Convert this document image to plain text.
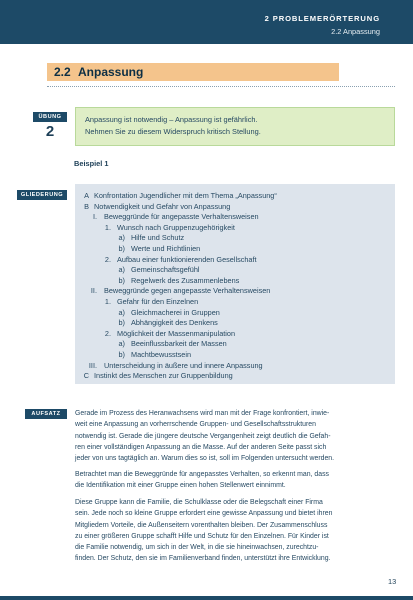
2 PROBLEMERÖRTERUNG
2.2 Anpassung
2.2 Anpassung
ÜBUNG
2

Anpassung ist notwendig – Anpassung ist gefährlich.
Nehmen Sie zu diesem Widerspruch kritisch Stellung.

Beispiel 1
GLIEDERUNG	A Konfrontation Jugendlicher mit dem Thema „Anpassung“
B Notwendigkeit und Gefahr von Anpassung
I. Beweggründe für angepasste Verhaltensweisen
1. Wunsch nach Gruppenzugehörigkeit
a) Hilfe und Schutz
b) Werte und Richtlinien
2. Aufbau einer funktionierenden Gesellschaft
a) Gemeinschaftsgefühl
b) Regelwerk des Zusammenlebens
II. Beweggründe gegen angepasste Verhaltensweisen
1. Gefahr für den Einzelnen
a) Gleichmacherei in Gruppen
b) Abhängigkeit des Denkens
2. Möglichkeit der Massenmanipulation
a) Beeinflussbarkeit der Massen
b) Machtbewusstsein
III. Unterscheidung in äußere und innere Anpassung
C Instinkt des Menschen zur Gruppenbildung
AUFSATZ	Gerade im Prozess des Heranwachsens wird man mit der Frage konfrontiert, inwie-
weit eine Anpassung an vorherrschende Gruppen- und Gesellschaftsstrukturen
notwendig ist. Gerade die jüngere deutsche Vergangenheit zeigt deutlich die Gefah-
ren einer vollständigen Anpassung an die Masse. Auf der anderen Seite passt sich
jeder von uns tagtäglich an. Warum dies so ist, soll im Folgenden untersucht werden.
Betrachtet man die Beweggründe für angepasstes Verhalten, so erkennt man, dass
die Identifikation mit einer Gruppe einen hohen Stellenwert einnimmt.
Diese Gruppe kann die Familie, die Schulklasse oder die Belegschaft einer Firma
sein. Jede noch so kleine Gruppe erfordert eine gewisse Anpassung und bietet ihren
Mitgliedern Vorteile, die Außenseitern vorenthalten bleiben. Der Zusammenschluss
zu einer größeren Gruppe schafft Hilfe und Schutz für den Einzelnen. Für Kinder ist
die Familie notwendig, um sich in der Welt, in die sie hineinwachsen, zurechtzu-
finden. Der Schutz, den sie im Familienverband finden, unterstützt ihre Entwicklung.
13
